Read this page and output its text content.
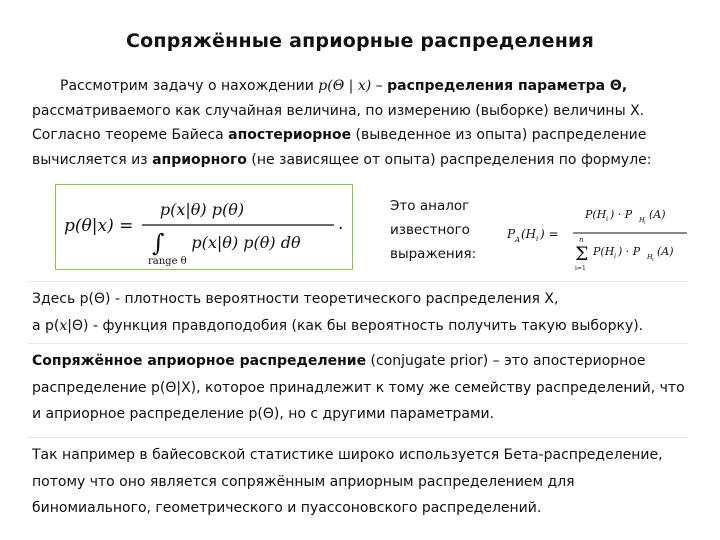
Сопряжённые априорные распределения

Рассмотрим задачу о нахождении p(Θ | x) – распределения параметра Θ, рассматриваемого как случайная величина, по измерению (выборке) величины X. Согласно теореме Байеса апостериорное (выведенное из опыта) распределение вычисляется из априорного (не зависящее от опыта) распределения по формуле:

p(θ|x) =
p(x|θ) p(θ)
∫ p(x|θ) p(θ) dθ
range θ
.
Это аналог
известного
выражения:
P A (H i ) =
P(H i ) · P H i
(A)
Σ
n
i=1
P(H i ) · P H i
(A)

Здесь p(Θ) - плотность вероятности теоретического распределения X,
а p(x|Θ) - функция правдоподобия (как бы вероятность получить такую выборку).

Сопряжённое априорное распределение (conjugate prior) – это апостериорное распределение p(Θ|X), которое принадлежит к тому же семейству распределений, что и априорное распределение p(Θ), но с другими параметрами.

Так например в байесовской статистике широко используется Бета-распределение, потому что оно является сопряжённым априорным распределением для биномиального, геометрического и пуассоновского распределений.
